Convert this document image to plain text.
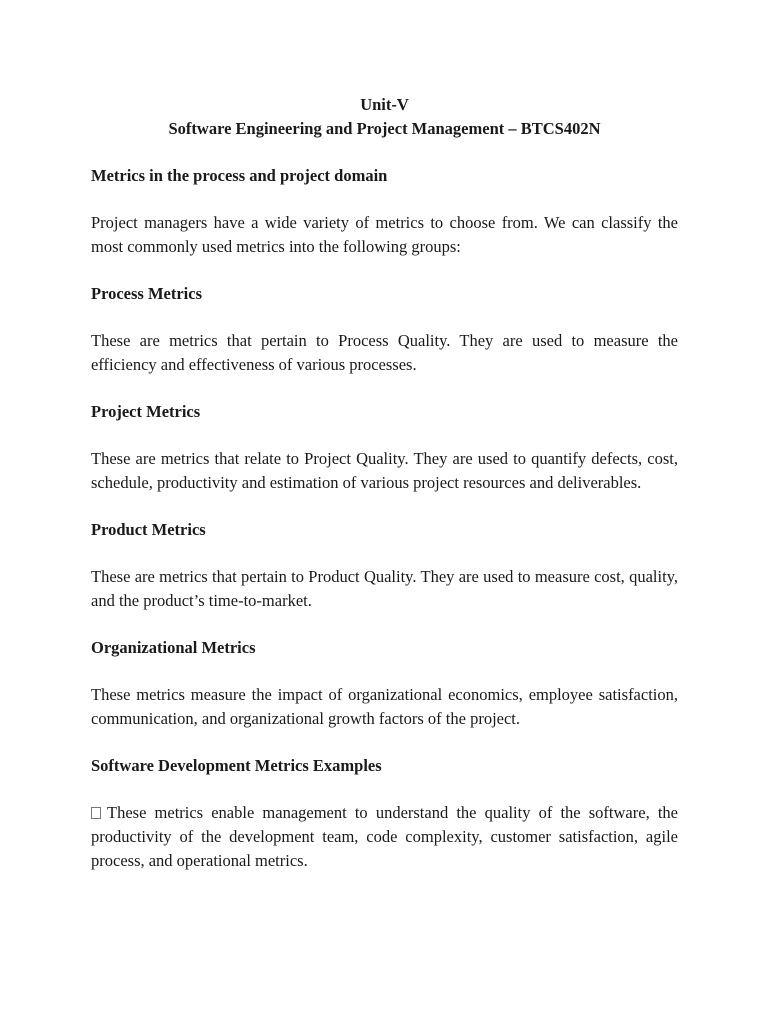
Unit-V

Software Engineering and Project Management – BTCS402N

Metrics in the process and project domain

Project managers have a wide variety of metrics to choose from. We can classify the most commonly used metrics into the following groups:

Process Metrics

These are metrics that pertain to Process Quality. They are used to measure the efficiency and effectiveness of various processes.

Project Metrics

These are metrics that relate to Project Quality. They are used to quantify defects, cost, schedule, productivity and estimation of various project resources and deliverables.

Product Metrics

These are metrics that pertain to Product Quality. They are used to measure cost, quality, and the product’s time-to-market.

Organizational Metrics

These metrics measure the impact of organizational economics, employee satisfaction, communication, and organizational growth factors of the project.

Software Development Metrics Examples

These metrics enable management to understand the quality of the software, the productivity of the development team, code complexity, customer satisfaction, agile process, and operational metrics.
